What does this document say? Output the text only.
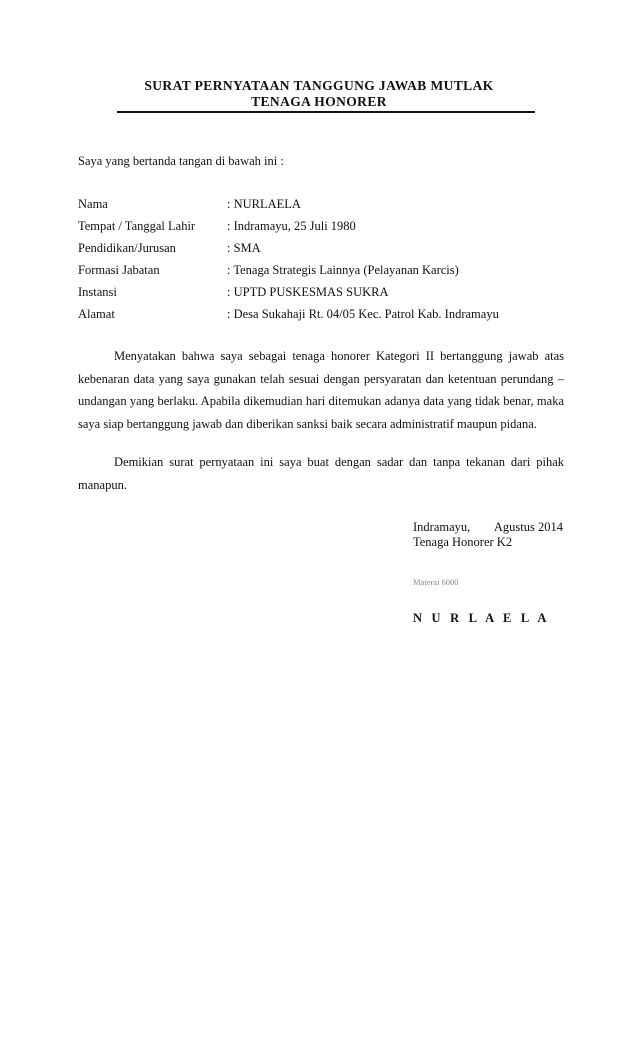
SURAT PERNYATAAN TANGGUNG JAWAB MUTLAK
TENAGA HONORER
Saya yang bertanda tangan di bawah ini :
Nama	: NURLAELA
Tempat / Tanggal Lahir	: Indramayu, 25 Juli 1980
Pendidikan/Jurusan	: SMA
Formasi Jabatan	: Tenaga Strategis Lainnya (Pelayanan Karcis)
Instansi	: UPTD PUSKESMAS SUKRA
Alamat	: Desa Sukahaji Rt. 04/05 Kec. Patrol Kab. Indramayu

Menyatakan bahwa saya sebagai tenaga honorer Kategori II bertanggung jawab atas kebenaran data yang saya gunakan telah sesuai dengan persyaratan dan ketentuan perundang – undangan yang berlaku. Apabila dikemudian hari ditemukan adanya data yang tidak benar, maka saya siap bertanggung jawab dan diberikan sanksi baik secara administratif maupun pidana.

Demikian surat pernyataan ini saya buat dengan sadar dan tanpa tekanan dari pihak manapun.

Indramayu, Agustus 2014
Tenaga Honorer K2
Materai 6000
N U R L A E L A
